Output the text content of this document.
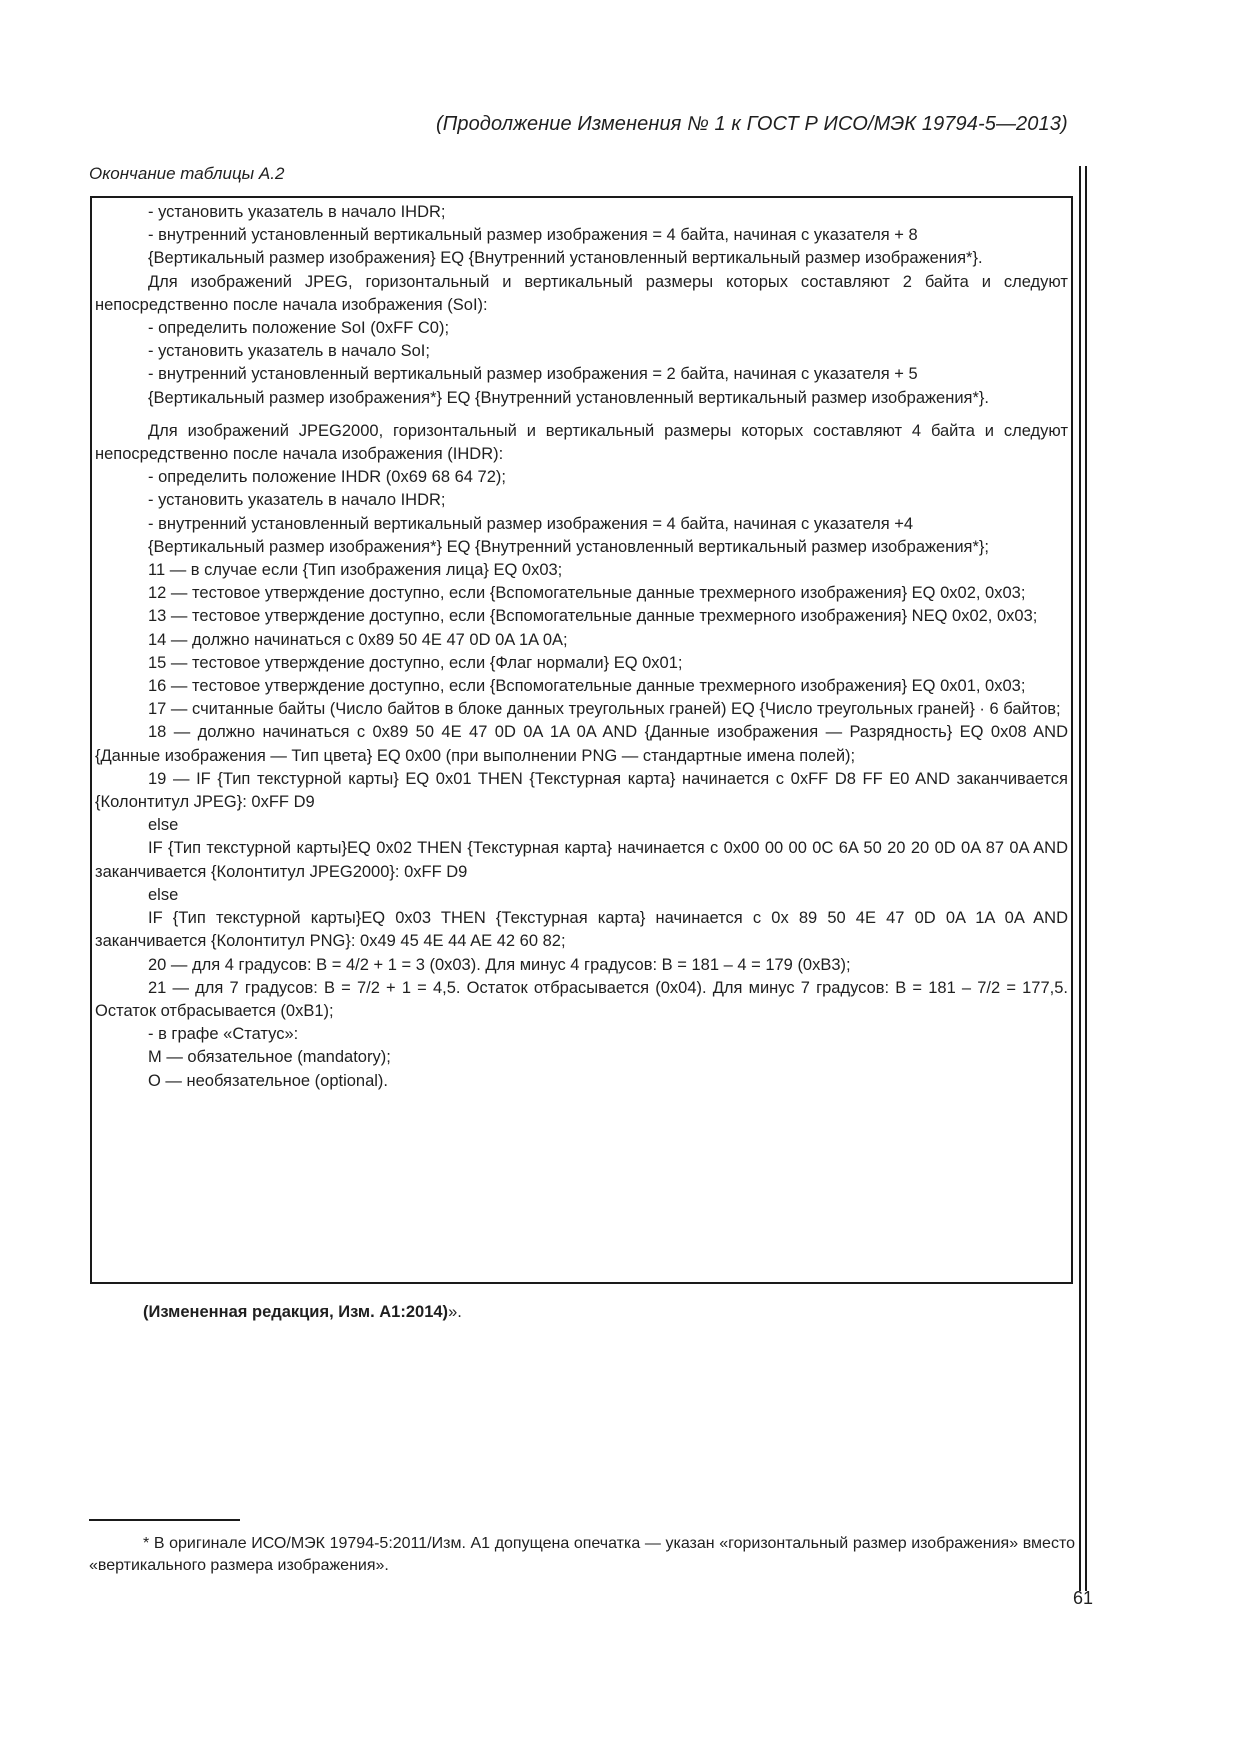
(Продолжение Изменения № 1 к ГОСТ Р ИСО/МЭК 19794-5—2013)
Окончание таблицы А.2

- установить указатель в начало IHDR;

- внутренний установленный вертикальный размер изображения = 4 байта, начиная с указателя + 8

{Вертикальный размер изображения} EQ {Внутренний установленный вертикальный размер изображения*}.

Для изображений JPEG, горизонтальный и вертикальный размеры которых составляют 2 байта и следуют непосредственно после начала изображения (SoI):

- определить положение SoI (0xFF C0);

- установить указатель в начало SoI;

- внутренний установленный вертикальный размер изображения = 2 байта, начиная с указателя + 5

{Вертикальный размер изображения*} EQ {Внутренний установленный вертикальный размер изображения*}.

Для изображений JPEG2000, горизонтальный и вертикальный размеры которых составляют 4 байта и следуют непосредственно после начала изображения (IHDR):

- определить положение IHDR (0x69 68 64 72);

- установить указатель в начало IHDR;

- внутренний установленный вертикальный размер изображения = 4 байта, начиная с указателя +4

{Вертикальный размер изображения*} EQ {Внутренний установленный вертикальный размер изображения*};

11 — в случае если {Тип изображения лица} EQ 0x03;

12 — тестовое утверждение доступно, если {Вспомогательные данные трехмерного изображения} EQ 0x02, 0x03;

13 — тестовое утверждение доступно, если {Вспомогательные данные трехмерного изображения} NEQ 0x02, 0x03;

14 — должно начинаться с 0x89 50 4E 47 0D 0A 1A 0A;

15 — тестовое утверждение доступно, если {Флаг нормали} EQ 0x01;

16 — тестовое утверждение доступно, если {Вспомогательные данные трехмерного изображения} EQ 0x01, 0x03;

17 — считанные байты (Число байтов в блоке данных треугольных граней) EQ {Число треугольных граней} · 6 байтов;

18 — должно начинаться с 0x89 50 4E 47 0D 0A 1A 0A AND {Данные изображения — Разрядность} EQ 0x08 AND {Данные изображения — Тип цвета} EQ 0x00 (при выполнении PNG — стандартные имена полей);

19 — IF {Тип текстурной карты} EQ 0x01 THEN {Текстурная карта} начинается с 0xFF D8 FF E0 AND заканчивается {Колонтитул JPEG}: 0xFF D9

else

IF {Тип текстурной карты}EQ 0x02 THEN {Текстурная карта} начинается с 0x00 00 00 0C 6A 50 20 20 0D 0A 87 0A AND заканчивается {Колонтитул JPEG2000}: 0xFF D9

else

IF {Тип текстурной карты}EQ 0x03 THEN {Текстурная карта} начинается с 0x 89 50 4E 47 0D 0A 1A 0A AND заканчивается {Колонтитул PNG}: 0x49 45 4E 44 AE 42 60 82;

20 — для 4 градусов: B = 4/2 + 1 = 3 (0x03). Для минус 4 градусов: B = 181 – 4 = 179 (0xB3);

21 — для 7 градусов: B = 7/2 + 1 = 4,5. Остаток отбрасывается (0x04). Для минус 7 градусов: B = 181 – 7/2 = 177,5. Остаток отбрасывается (0xB1);

- в графе «Статус»:

M — обязательное (mandatory);

O — необязательное (optional).

(Измененная редакция, Изм. А1:2014)».
* В оригинале ИСО/МЭК 19794-5:2011/Изм. А1 допущена опечатка — указан «горизонтальный размер изображения» вместо «вертикального размера изображения».
61
